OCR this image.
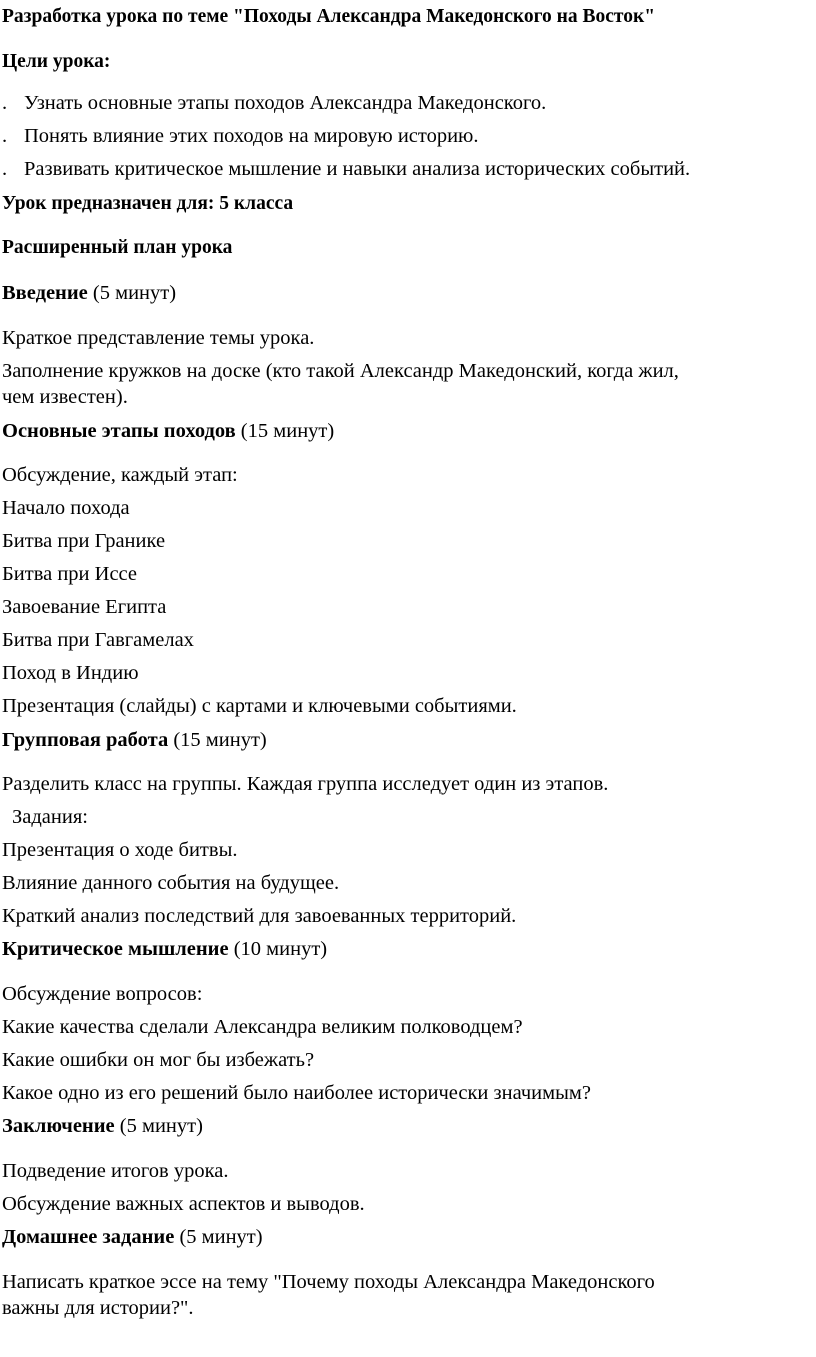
Разработка урока по теме "Походы Александра Македонского на Восток"
Цели урока:
. Узнать основные этапы походов Александра Македонского.
. Понять влияние этих походов на мировую историю.
. Развивать критическое мышление и навыки анализа исторических событий.
Урок предназначен для: 5 класса
Расширенный план урока
Введение (5 минут)
Краткое представление темы урока.
Заполнение кружков на доске (кто такой Александр Македонский, когда жил,
чем известен).
Основные этапы походов (15 минут)
Обсуждение, каждый этап:
Начало похода
Битва при Гранике
Битва при Иссе
Завоевание Египта
Битва при Гавгамелах
Поход в Индию
Презентация (слайды) с картами и ключевыми событиями.
Групповая работа (15 минут)
Разделить класс на группы. Каждая группа исследует один из этапов.
Задания:
Презентация о ходе битвы.
Влияние данного события на будущее.
Краткий анализ последствий для завоеванных территорий.
Критическое мышление (10 минут)
Обсуждение вопросов:
Какие качества сделали Александра великим полководцем?
Какие ошибки он мог бы избежать?
Какое одно из его решений было наиболее исторически значимым?
Заключение (5 минут)
Подведение итогов урока.
Обсуждение важных аспектов и выводов.
Домашнее задание (5 минут)
Написать краткое эссе на тему "Почему походы Александра Македонского
важны для истории?".
